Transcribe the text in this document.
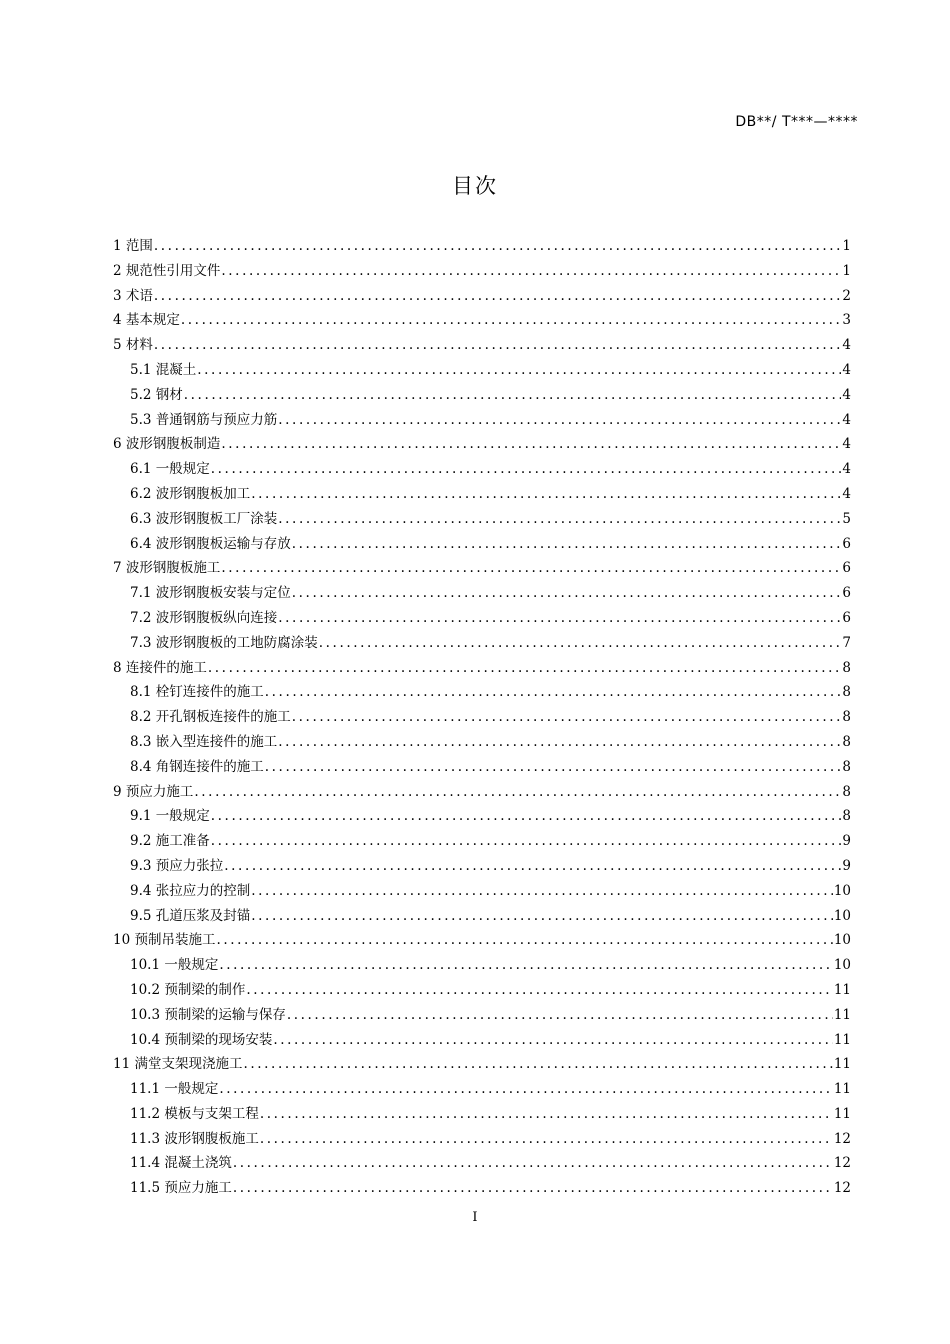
DB**/ T***—****
目次
1 范围 .....	1
2 规范性引用文件 .....	1
3 术语 .....	2
4 基本规定 .....	3
5 材料 .....	4
5.1 混凝土 .....	4
5.2 钢材 .....	4
5.3 普通钢筋与预应力筋 .....	4
6 波形钢腹板制造 .....	4
6.1 一般规定 .....	4
6.2 波形钢腹板加工 .....	4
6.3 波形钢腹板工厂涂装 .....	5
6.4 波形钢腹板运输与存放 .....	6
7 波形钢腹板施工 .....	6
7.1 波形钢腹板安装与定位 .....	6
7.2 波形钢腹板纵向连接 .....	6
7.3 波形钢腹板的工地防腐涂装 .....	7
8 连接件的施工 .....	8
8.1 栓钉连接件的施工 .....	8
8.2 开孔钢板连接件的施工 .....	8
8.3 嵌入型连接件的施工 .....	8
8.4 角钢连接件的施工 .....	8
9 预应力施工 .....	8
9.1 一般规定 .....	8
9.2 施工准备 .....	9
9.3 预应力张拉 .....	9
9.4 张拉应力的控制 .....	10
9.5 孔道压浆及封锚 .....	10
10 预制吊装施工 .....	10
10.1 一般规定 .....	10
10.2 预制梁的制作 .....	11
10.3 预制梁的运输与保存 .....	11
10.4 预制梁的现场安装 .....	11
11 满堂支架现浇施工 .....	11
11.1 一般规定 .....	11
11.2 模板与支架工程 .....	11
11.3 波形钢腹板施工 .....	12
11.4 混凝土浇筑 .....	12
11.5 预应力施工 .....	12
I
